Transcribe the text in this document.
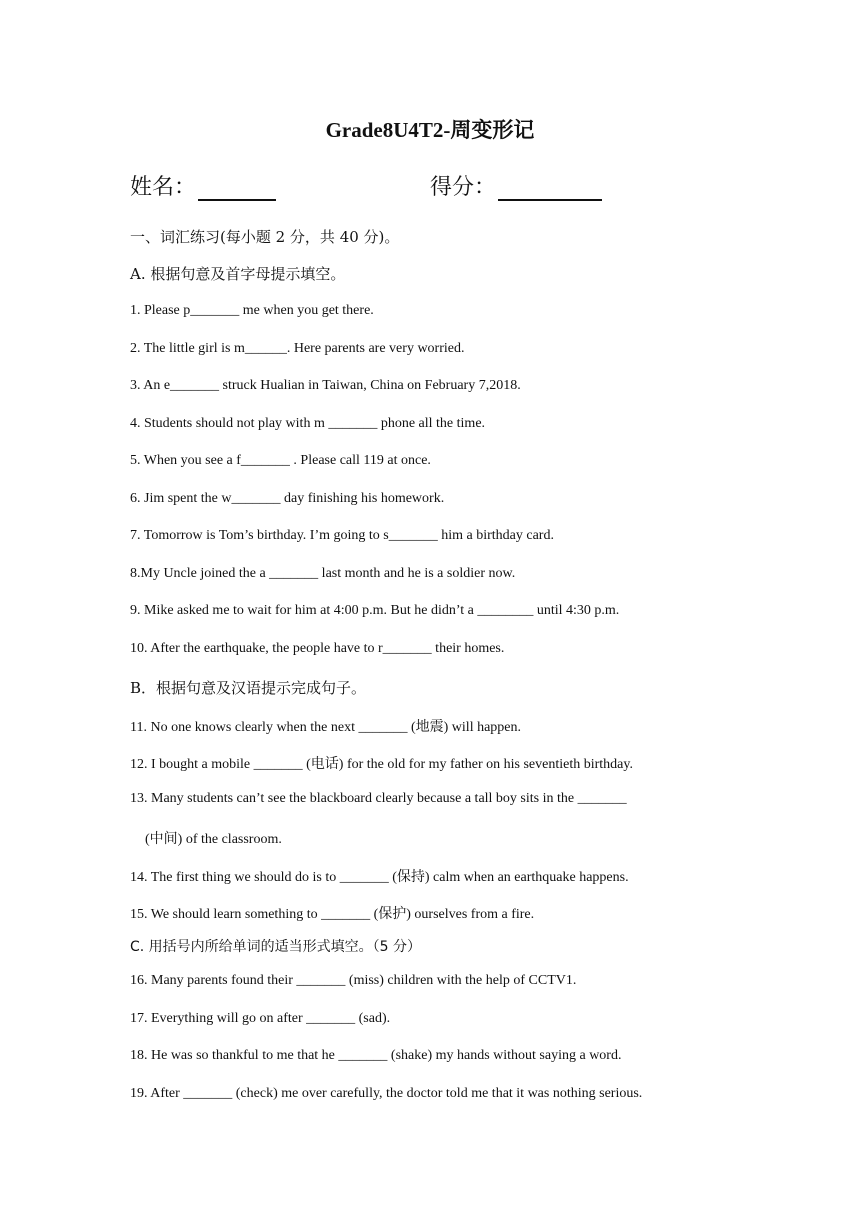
Grade8U4T2-周变形记
姓名：	得分：
一、词汇练习(每小题 2 分，共 40 分)。
A. 根据句意及首字母提示填空。
1. Please p_______ me when you get there.
2. The little girl is m______. Here parents are very worried.
3. An e_______ struck Hualian in Taiwan, China on February 7,2018.
4. Students should not play with m _______ phone all the time.
5. When you see a f_______ . Please call 119 at once.
6. Jim spent the w_______ day finishing his homework.
7. Tomorrow is Tom’s birthday. I’m going to s_______ him a birthday card.
8.My Uncle joined the a _______ last month and he is a soldier now.
9. Mike asked me to wait for him at 4:00 p.m. But he didn’t a ________ until 4:30 p.m.
10. After the earthquake, the people have to r_______ their homes.
B．根据句意及汉语提示完成句子。
11. No one knows clearly when the next _______ (地震) will happen.
12. I bought a mobile _______ (电话) for the old for my father on his seventieth birthday.
13. Many students can’t see the blackboard clearly because a tall boy sits in the _______
(中间) of the classroom.
14. The first thing we should do is to _______ (保持) calm when an earthquake happens.
15. We should learn something to _______ (保护) ourselves from a fire.
C. 用括号内所给单词的适当形式填空。（5 分）
16. Many parents found their _______ (miss) children with the help of CCTV1.
17. Everything will go on after _______ (sad).
18. He was so thankful to me that he _______ (shake) my hands without saying a word.
19. After _______ (check) me over carefully, the doctor told me that it was nothing serious.
